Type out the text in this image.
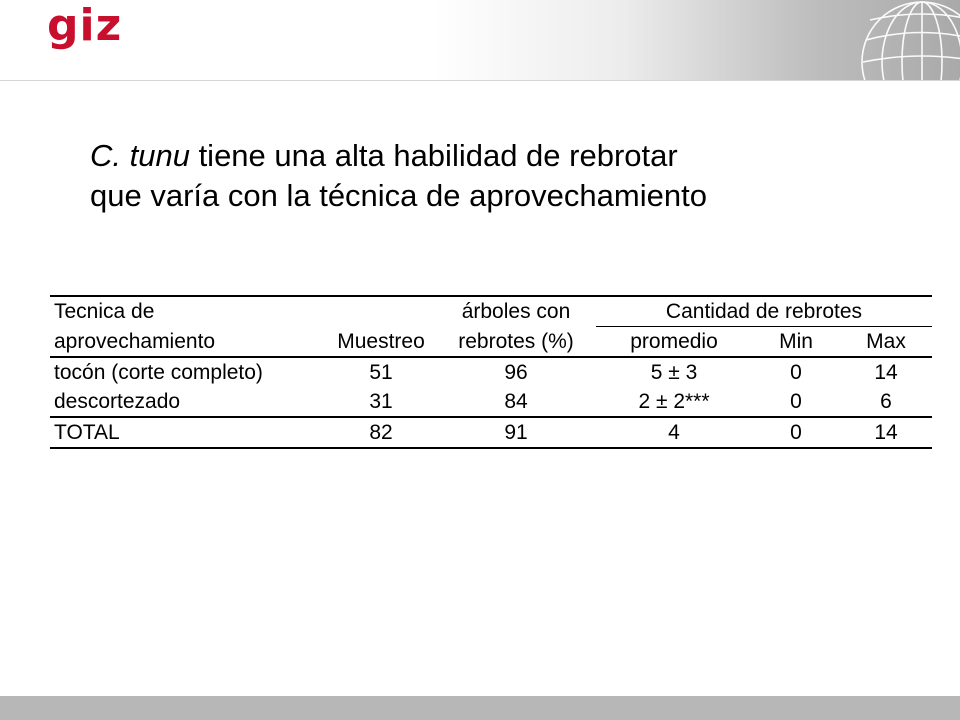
giz
C. tunu tiene una alta habilidad de rebrotar
que varía con la técnica de aprovechamiento
Tecnica de		árboles con	Cantidad de rebrotes		
aprovechamiento	Muestreo	rebrotes (%)	promedio	Min	Max
tocón (corte completo)	51	96	5 ± 3	0	14
descortezado	31	84	2 ± 2***	0	6
TOTAL	82	91	4	0	14
